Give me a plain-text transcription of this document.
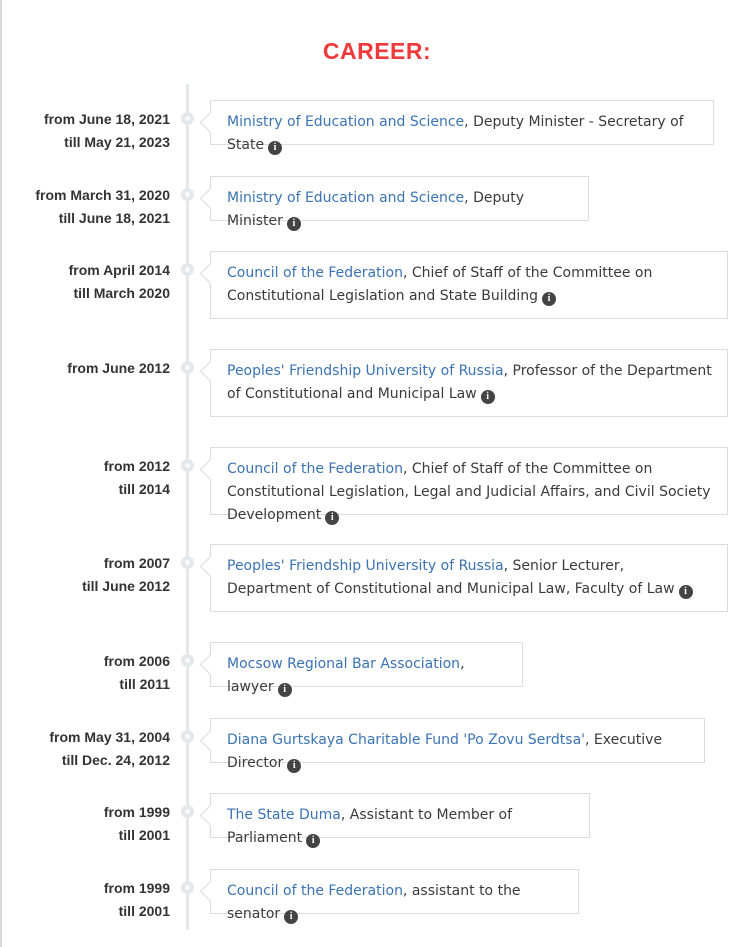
CAREER:
from June 18, 2021
till May 21, 2023
Ministry of Education and Science, Deputy Minister - Secretary of State i
from March 31, 2020
till June 18, 2021
Ministry of Education and Science, Deputy Minister i
from April 2014
till March 2020
Council of the Federation, Chief of Staff of the Committee on Constitutional Legislation and State Building i
from June 2012	Peoples' Friendship University of Russia, Professor of the Department of Constitutional and Municipal Law i
from 2012
till 2014
Council of the Federation, Chief of Staff of the Committee on Constitutional Legislation, Legal and Judicial Affairs, and Civil Society Development i
from 2007
till June 2012
Peoples' Friendship University of Russia, Senior Lecturer, Department of Constitutional and Municipal Law, Faculty of Law i
from 2006
till 2011
Mocsow Regional Bar Association, lawyer i
from May 31, 2004
till Dec. 24, 2012
Diana Gurtskaya Charitable Fund 'Po Zovu Serdtsa', Executive Director i
from 1999
till 2001
The State Duma, Assistant to Member of Parliament i
from 1999
till 2001
Council of the Federation, assistant to the senator i
